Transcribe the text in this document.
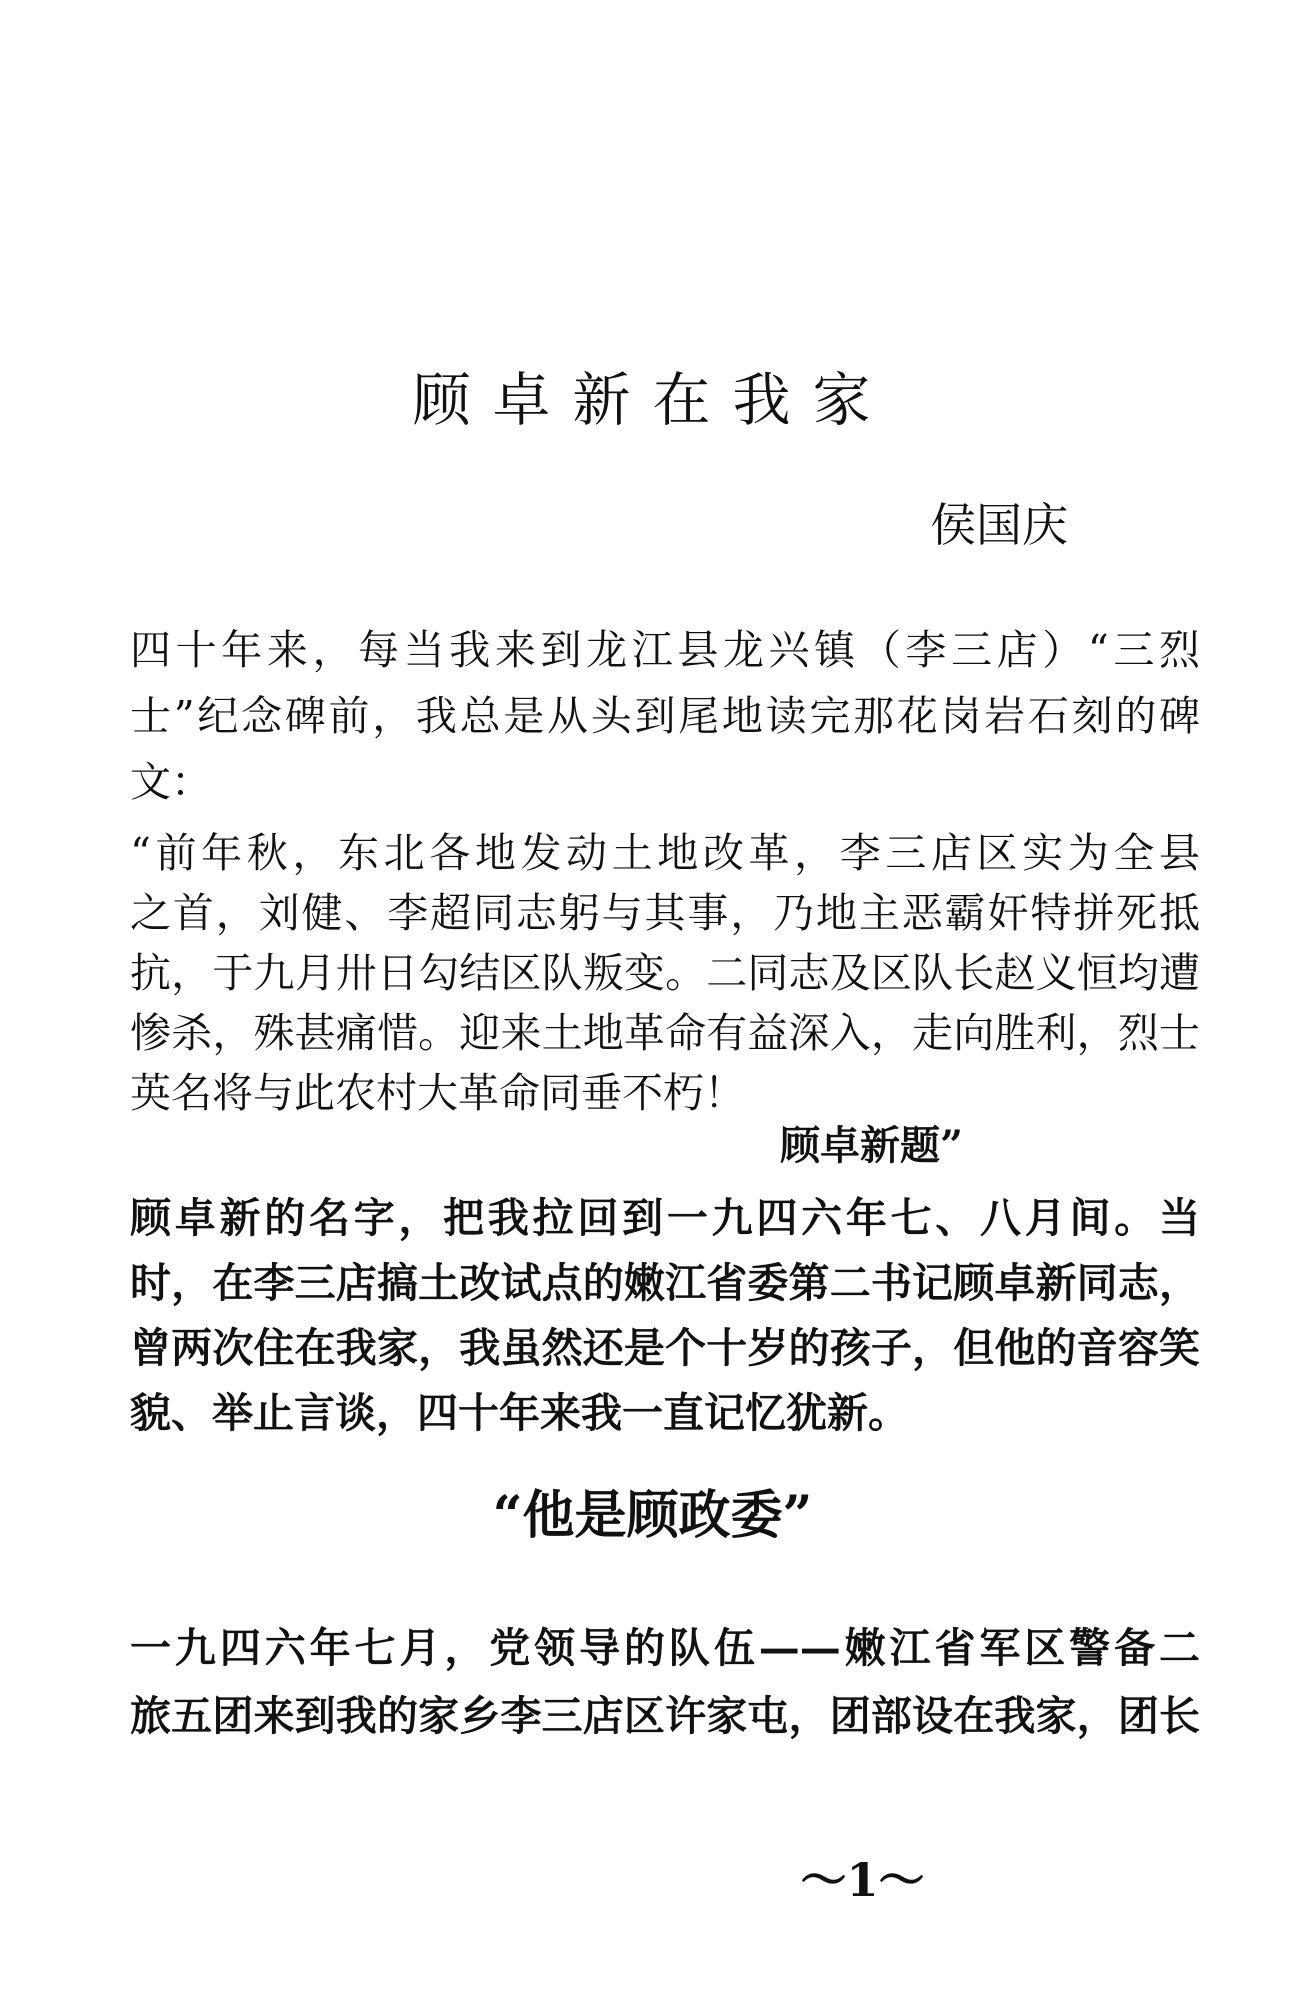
顾卓新在我家

侯国庆

四十年来，每当我来到龙江县龙兴镇（李三店）“三烈

士”纪念碑前，我总是从头到尾地读完那花岗岩石刻的碑

文：

“前年秋，东北各地发动土地改革，李三店区实为全县

之首，刘健、李超同志躬与其事，乃地主恶霸奸特拼死抵

抗，于九月卅日勾结区队叛变。二同志及区队长赵义恒均遭

惨杀，殊甚痛惜。迎来土地革命有益深入，走向胜利，烈士

英名将与此农村大革命同垂不朽！

顾卓新题”

顾卓新的名字，把我拉回到一九四六年七、八月间。当

时，在李三店搞土改试点的嫩江省委第二书记顾卓新同志，

曾两次住在我家，我虽然还是个十岁的孩子，但他的音容笑

貌、举止言谈，四十年来我一直记忆犹新。

“他是顾政委”

一九四六年七月，党领导的队伍——嫩江省军区警备二

旅五团来到我的家乡李三店区许家屯，团部设在我家，团长

～1～
